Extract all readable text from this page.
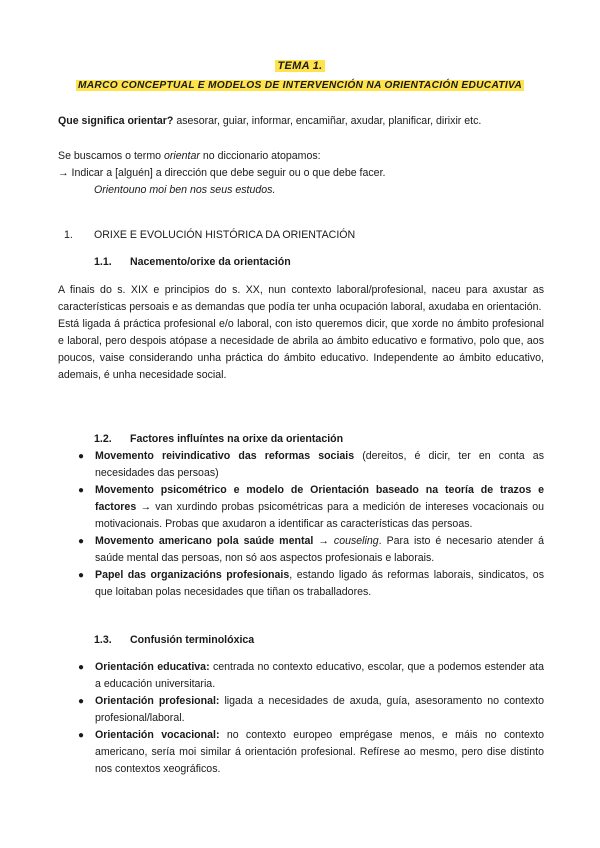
TEMA 1.
MARCO CONCEPTUAL E MODELOS DE INTERVENCIÓN NA ORIENTACIÓN EDUCATIVA

Que significa orientar? asesorar, guiar, informar, encamiñar, axudar, planificar, dirixir etc.

Se buscamos o termo orientar no diccionario atopamos:

→ Indicar a [alguén] a dirección que debe seguir ou o que debe facer.

Orientouno moi ben nos seus estudos.

1. ORIXE E EVOLUCIÓN HISTÓRICA DA ORIENTACIÓN
1.1. Nacemento/orixe da orientación

A finais do s. XIX e principios do s. XX, nun contexto laboral/profesional, naceu para axustar as características persoais e as demandas que podía ter unha ocupación laboral, axudaba en orientación.

Está ligada á práctica profesional e/o laboral, con isto queremos dicir, que xorde no ámbito profesional e laboral, pero despois atópase a necesidade de abrila ao ámbito educativo e formativo, polo que, aos poucos, vaise considerando unha práctica do ámbito educativo. Independente ao ámbito educativo, ademais, é unha necesidade social.

1.2. Factores influíntes na orixe da orientación
● Movemento reivindicativo das reformas sociais (dereitos, é dicir, ter en conta as necesidades das persoas)
● Movemento psicométrico e modelo de Orientación baseado na teoría de trazos e factores → van xurdindo probas psicométricas para a medición de intereses vocacionais ou motivacionais. Probas que axudaron a identificar as características das persoas.
● Movemento americano pola saúde mental → couseling. Para isto é necesario atender á saúde mental das persoas, non só aos aspectos profesionais e laborais.
● Papel das organizacións profesionais, estando ligado ás reformas laborais, sindicatos, os que loitaban polas necesidades que tiñan os traballadores.
1.3. Confusión terminolóxica
● Orientación educativa: centrada no contexto educativo, escolar, que a podemos estender ata a educación universitaria.
● Orientación profesional: ligada a necesidades de axuda, guía, asesoramento no contexto profesional/laboral.
● Orientación vocacional: no contexto europeo emprégase menos, e máis no contexto americano, sería moi similar á orientación profesional. Refírese ao mesmo, pero dise distinto nos contextos xeográficos.
